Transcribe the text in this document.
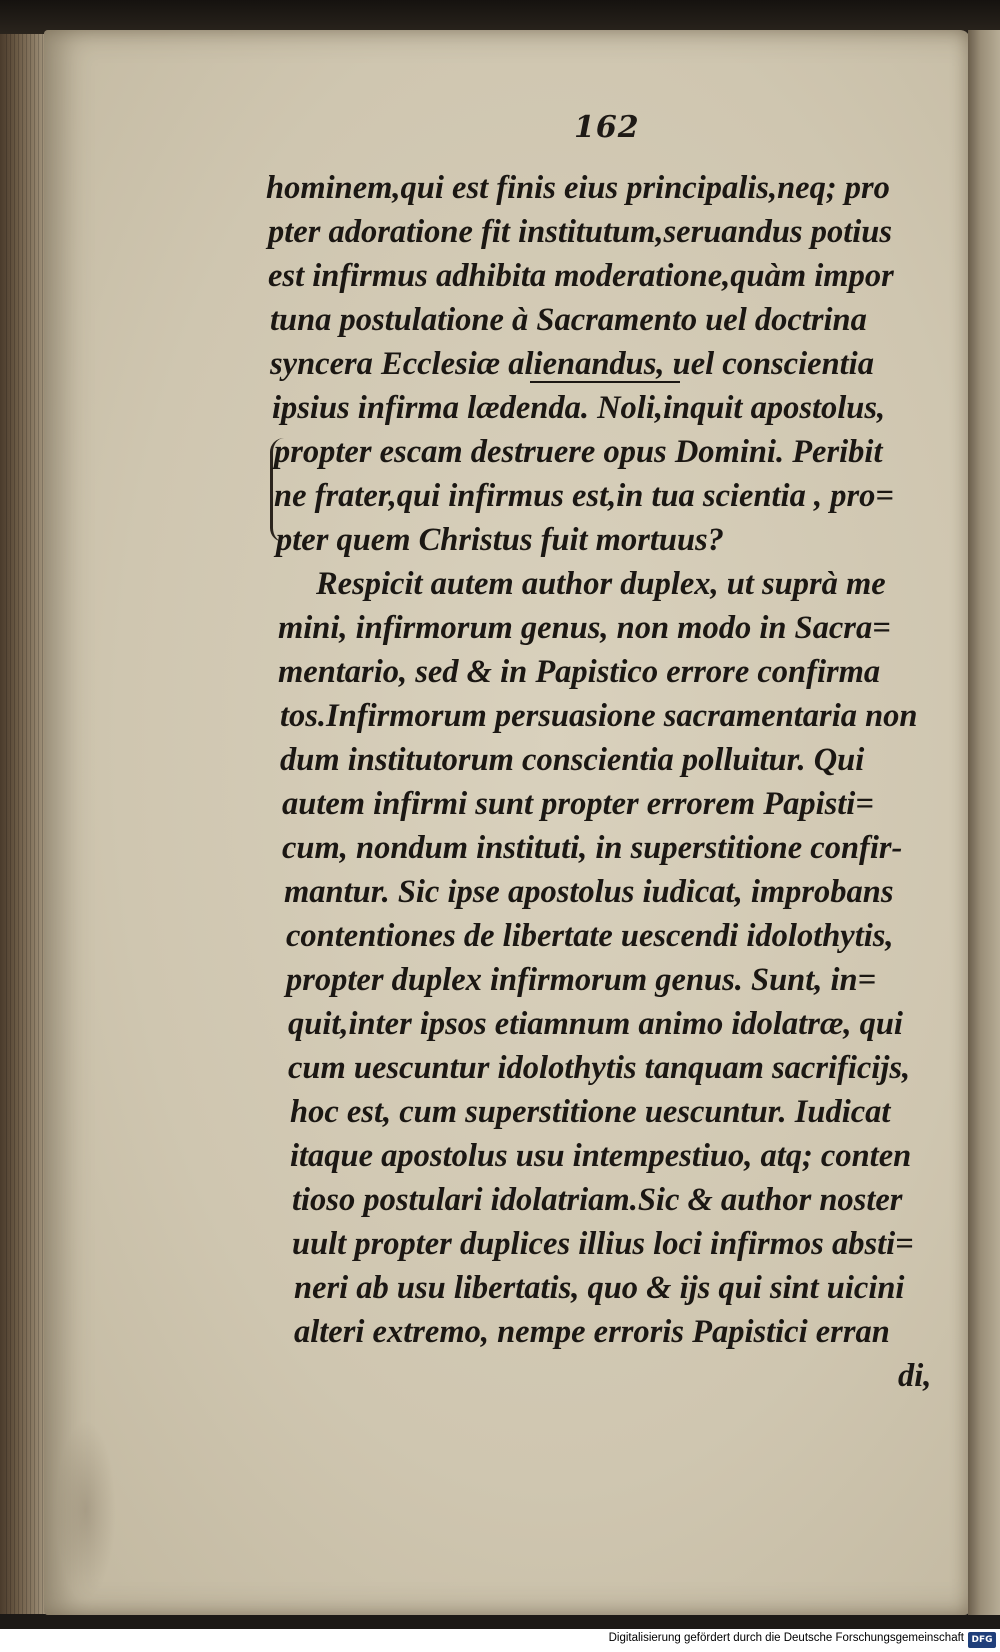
162
hominem,qui est finis eius principalis,neq; pro
pter adoratione fit institutum,seruandus potius
est infirmus adhibita moderatione,quàm impor
tuna postulatione à Sacramento uel doctrina
syncera Ecclesiæ alienandus, uel conscientia
ipsius infirma lædenda. Noli,inquit apostolus,
propter escam destruere opus Domini. Peribit
ne frater,qui infirmus est,in tua scientia , pro=
pter quem Christus fuit mortuus?
Respicit autem author duplex, ut suprà me
mini, infirmorum genus, non modo in Sacra=
mentario, sed & in Papistico errore confirma
tos.Infirmorum persuasione sacramentaria non
dum institutorum conscientia polluitur. Qui
autem infirmi sunt propter errorem Papisti=
cum, nondum instituti, in superstitione confir-
mantur. Sic ipse apostolus iudicat, improbans
contentiones de libertate uescendi idolothytis,
propter duplex infirmorum genus. Sunt, in=
quit,inter ipsos etiamnum animo idolatræ, qui
cum uescuntur idolothytis tanquam sacrificijs,
hoc est, cum superstitione uescuntur. Iudicat
itaque apostolus usu intempestiuo, atq; conten
tioso postulari idolatriam.Sic & author noster
uult propter duplices illius loci infirmos absti=
neri ab usu libertatis, quo & ijs qui sint uicini
alteri extremo, nempe erroris Papistici erran
di,
Digitalisierung gefördert durch die Deutsche Forschungsgemeinschaft DFG
